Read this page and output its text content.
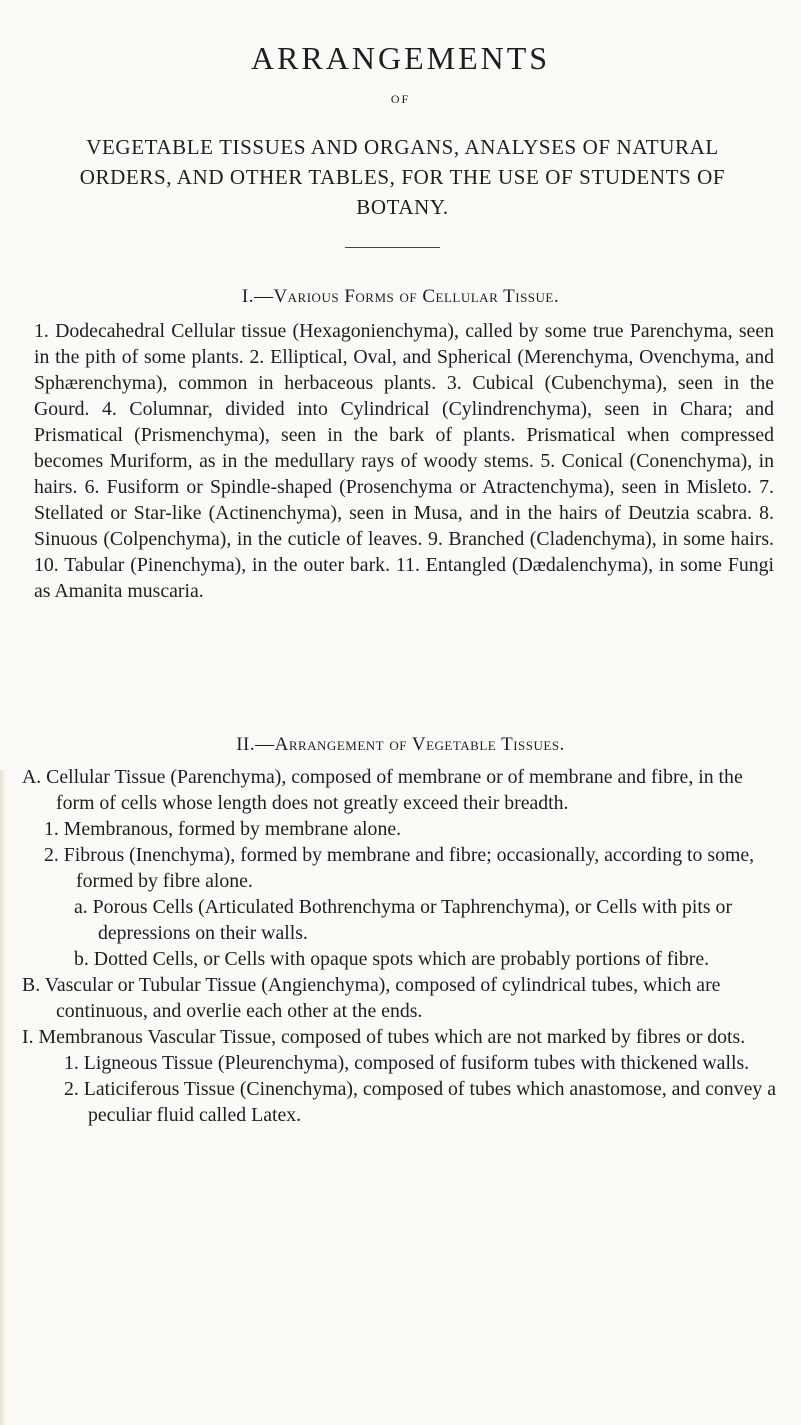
ARRANGEMENTS
OF
VEGETABLE TISSUES AND ORGANS, ANALYSES OF NATURAL ORDERS, AND OTHER TABLES, FOR THE USE OF STUDENTS OF BOTANY.
I.—Various Forms of Cellular Tissue.
1. Dodecahedral Cellular tissue (Hexagonienchyma), called by some true Parenchyma, seen in the pith of some plants. 2. Elliptical, Oval, and Spherical (Merenchyma, Ovenchyma, and Sphærenchyma), common in herbaceous plants. 3. Cubical (Cubenchyma), seen in the Gourd. 4. Columnar, divided into Cylindrical (Cylindrenchyma), seen in Chara; and Prismatical (Prismenchyma), seen in the bark of plants. Prismatical when compressed becomes Muriform, as in the medullary rays of woody stems. 5. Conical (Conenchyma), in hairs. 6. Fusiform or Spindle-shaped (Prosenchyma or Atractenchyma), seen in Misleto. 7. Stellated or Star-like (Actinenchyma), seen in Musa, and in the hairs of Deutzia scabra. 8. Sinuous (Colpenchyma), in the cuticle of leaves. 9. Branched (Cladenchyma), in some hairs. 10. Tabular (Pinenchyma), in the outer bark. 11. Entangled (Dædalenchyma), in some Fungi as Amanita muscaria.
II.—Arrangement of Vegetable Tissues.

A. Cellular Tissue (Parenchyma), composed of membrane or of membrane and fibre, in the form of cells whose length does not greatly exceed their breadth.

1. Membranous, formed by membrane alone.

2. Fibrous (Inenchyma), formed by membrane and fibre; occasionally, according to some, formed by fibre alone.

a. Porous Cells (Articulated Bothrenchyma or Taphrenchyma), or Cells with pits or depressions on their walls.

b. Dotted Cells, or Cells with opaque spots which are probably portions of fibre.

B. Vascular or Tubular Tissue (Angienchyma), composed of cylindrical tubes, which are continuous, and overlie each other at the ends.

I. Membranous Vascular Tissue, composed of tubes which are not marked by fibres or dots.

1. Ligneous Tissue (Pleurenchyma), composed of fusiform tubes with thickened walls.

2. Laticiferous Tissue (Cinenchyma), composed of tubes which anastomose, and convey a peculiar fluid called Latex.
